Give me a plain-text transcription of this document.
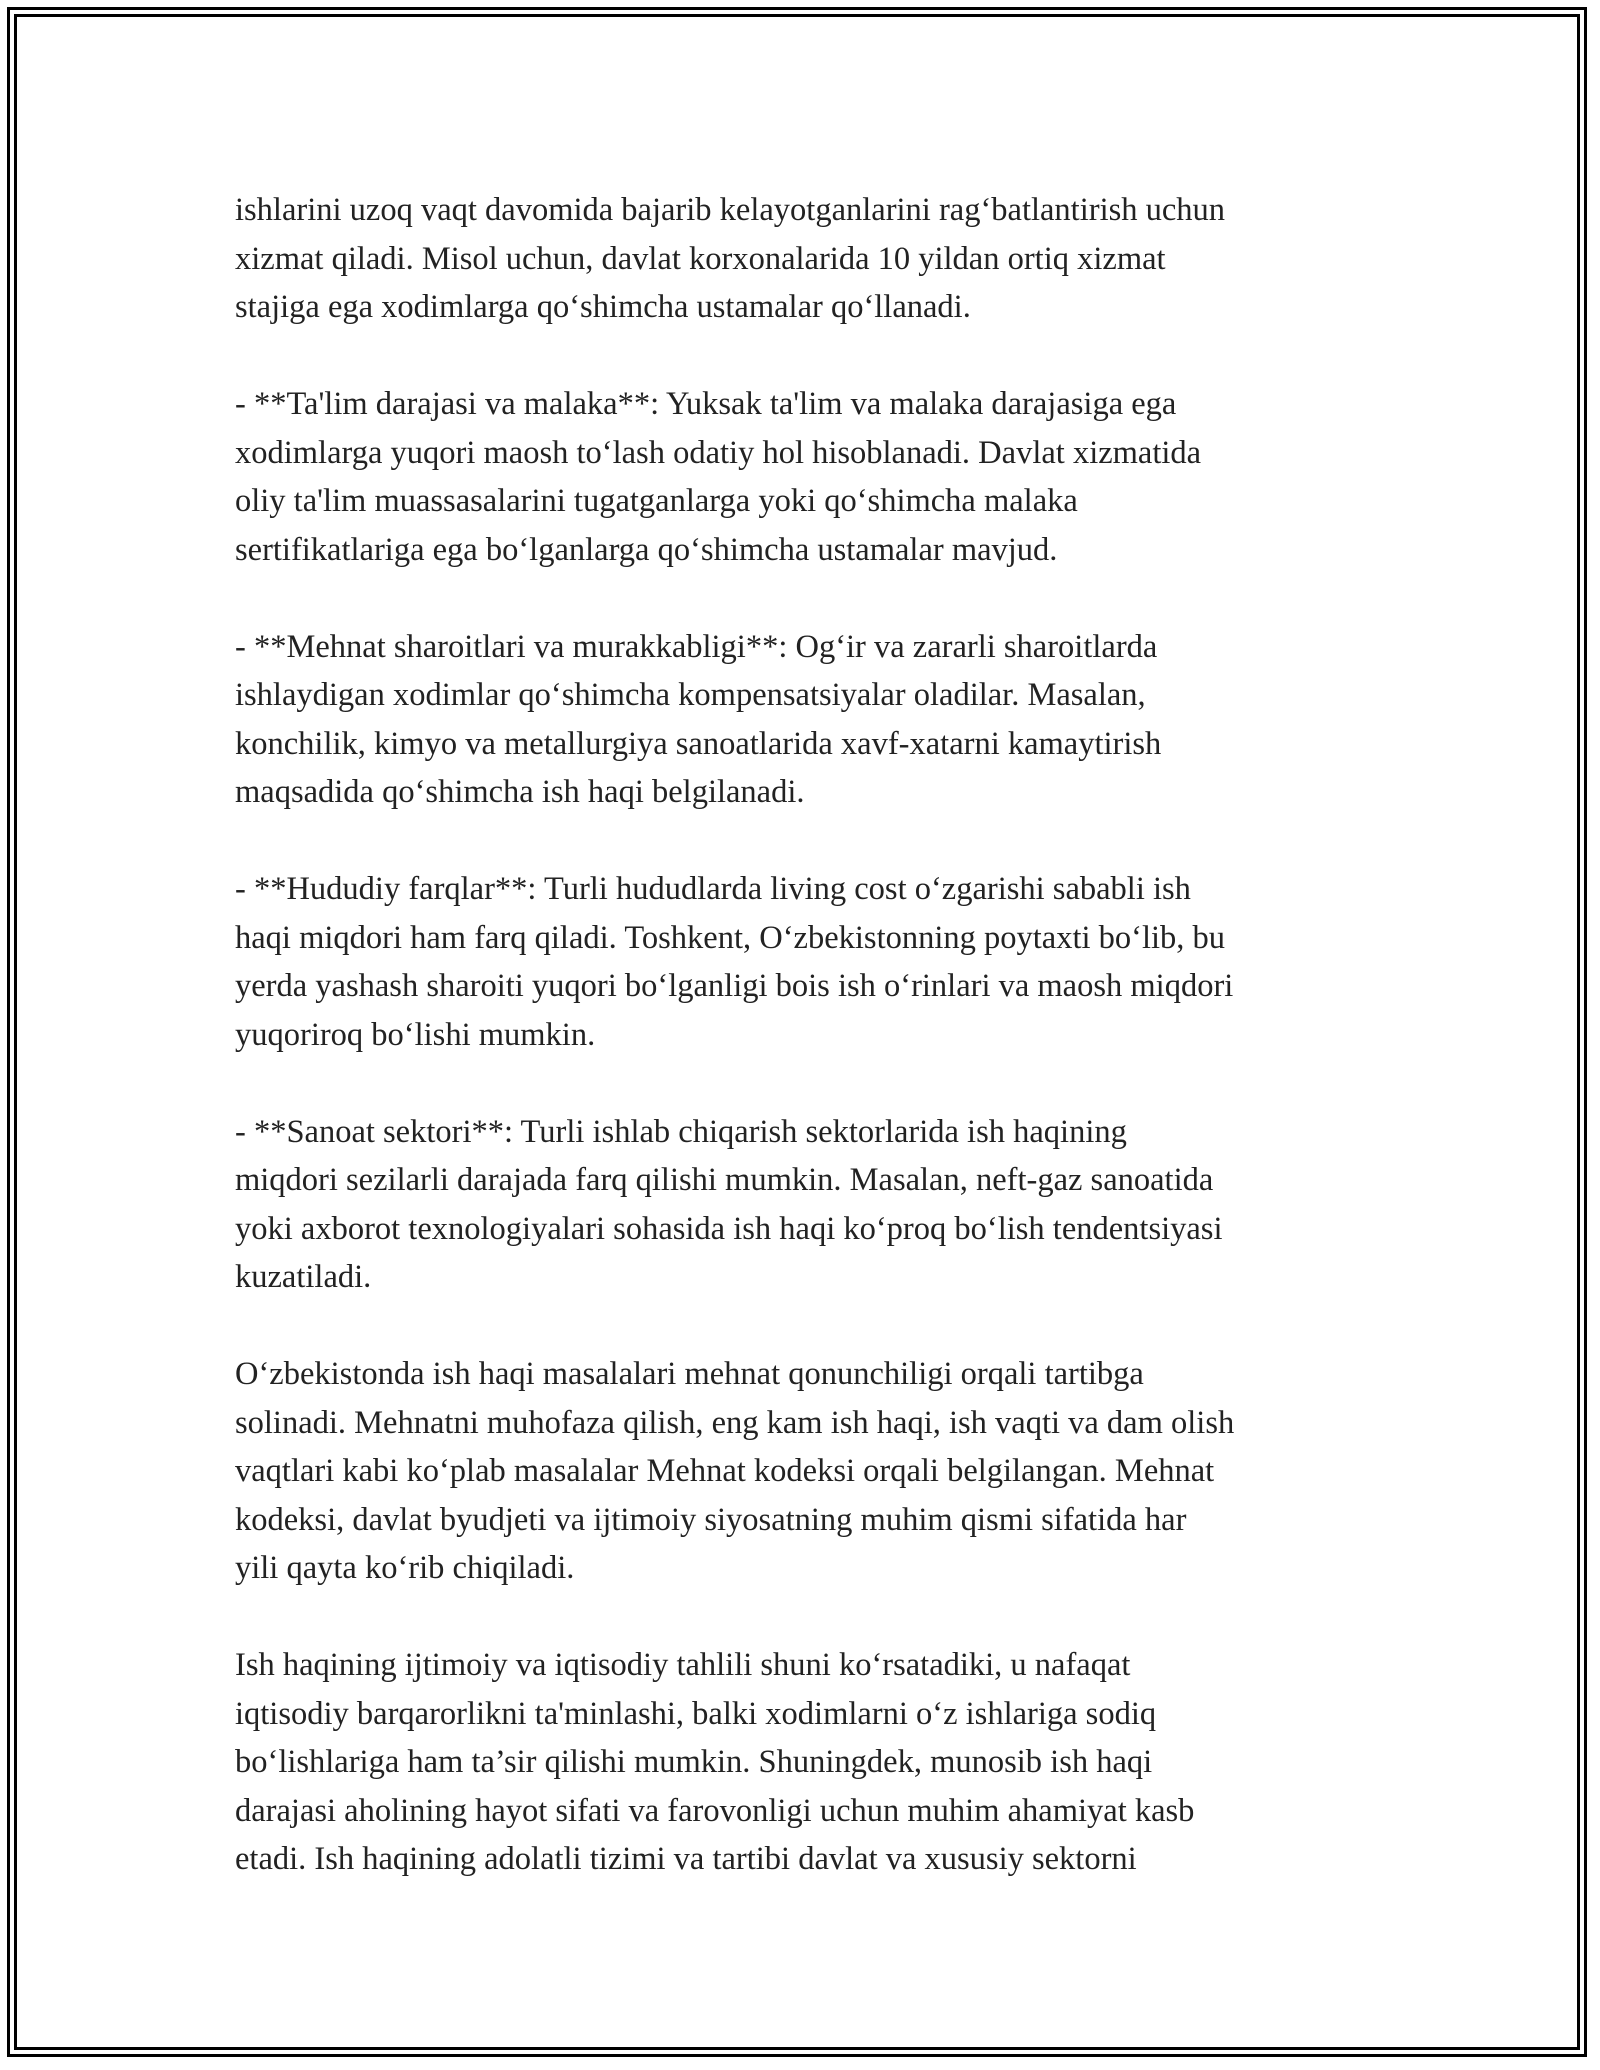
ishlarini uzoq vaqt davomida bajarib kelayotganlarini rag‘batlantirish uchun
xizmat qiladi. Misol uchun, davlat korxonalarida 10 yildan ortiq xizmat
stajiga ega xodimlarga qo‘shimcha ustamalar qo‘llanadi.

- **Ta'lim darajasi va malaka**: Yuksak ta'lim va malaka darajasiga ega
xodimlarga yuqori maosh to‘lash odatiy hol hisoblanadi. Davlat xizmatida
oliy ta'lim muassasalarini tugatganlarga yoki qo‘shimcha malaka
sertifikatlariga ega bo‘lganlarga qo‘shimcha ustamalar mavjud.

- **Mehnat sharoitlari va murakkabligi**: Og‘ir va zararli sharoitlarda
ishlaydigan xodimlar qo‘shimcha kompensatsiyalar oladilar. Masalan,
konchilik, kimyo va metallurgiya sanoatlarida xavf-xatarni kamaytirish
maqsadida qo‘shimcha ish haqi belgilanadi.

- **Hududiy farqlar**: Turli hududlarda living cost o‘zgarishi sababli ish
haqi miqdori ham farq qiladi. Toshkent, O‘zbekistonning poytaxti bo‘lib, bu
yerda yashash sharoiti yuqori bo‘lganligi bois ish o‘rinlari va maosh miqdori
yuqoriroq bo‘lishi mumkin.

- **Sanoat sektori**: Turli ishlab chiqarish sektorlarida ish haqining
miqdori sezilarli darajada farq qilishi mumkin. Masalan, neft-gaz sanoatida
yoki axborot texnologiyalari sohasida ish haqi ko‘proq bo‘lish tendentsiyasi
kuzatiladi.

O‘zbekistonda ish haqi masalalari mehnat qonunchiligi orqali tartibga
solinadi. Mehnatni muhofaza qilish, eng kam ish haqi, ish vaqti va dam olish
vaqtlari kabi ko‘plab masalalar Mehnat kodeksi orqali belgilangan. Mehnat
kodeksi, davlat byudjeti va ijtimoiy siyosatning muhim qismi sifatida har
yili qayta ko‘rib chiqiladi.

Ish haqining ijtimoiy va iqtisodiy tahlili shuni ko‘rsatadiki, u nafaqat
iqtisodiy barqarorlikni ta'minlashi, balki xodimlarni o‘z ishlariga sodiq
bo‘lishlariga ham ta’sir qilishi mumkin. Shuningdek, munosib ish haqi
darajasi aholining hayot sifati va farovonligi uchun muhim ahamiyat kasb
etadi. Ish haqining adolatli tizimi va tartibi davlat va xususiy sektorni
